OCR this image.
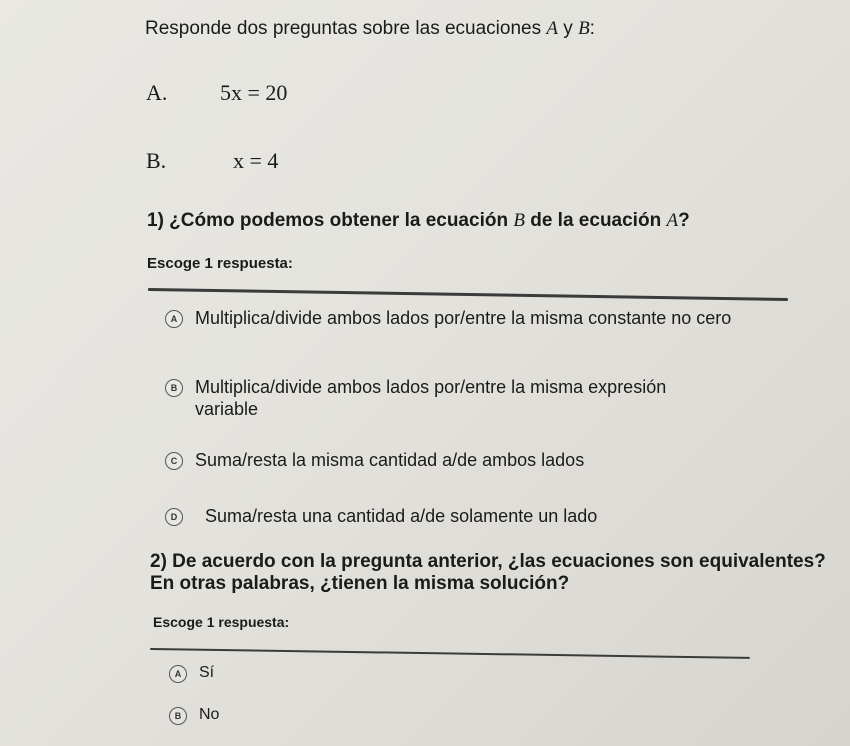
Responde dos preguntas sobre las ecuaciones A y B:
A. 5x = 20
B.	x = 4
1) ¿Cómo podemos obtener la ecuación B de la ecuación A?
Escoge 1 respuesta:
A Multiplica/divide ambos lados por/entre la misma constante no cero
B Multiplica/divide ambos lados por/entre la misma expresión variable
C Suma/resta la misma cantidad a/de ambos lados
D	Suma/resta una cantidad a/de solamente un lado
2) De acuerdo con la pregunta anterior, ¿las ecuaciones son equivalentes?
En otras palabras, ¿tienen la misma solución?
Escoge 1 respuesta:
A	Sí
B	No
